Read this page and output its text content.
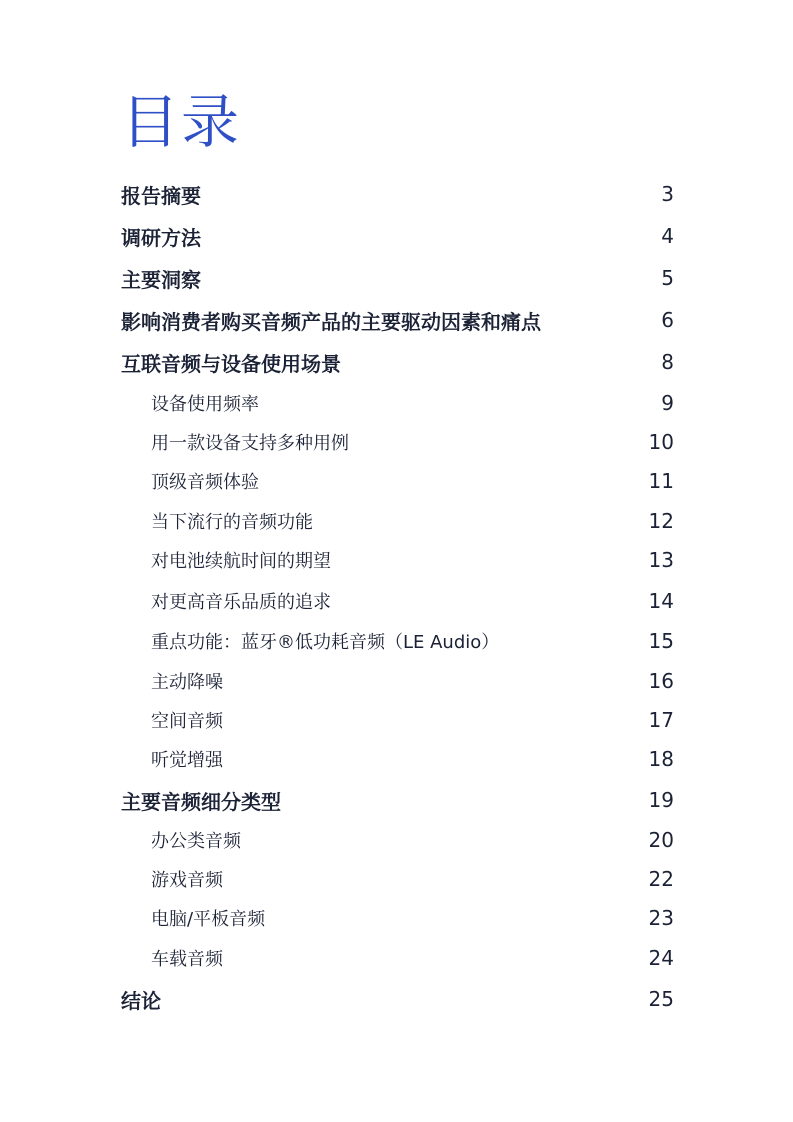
目录
报告摘要	3
调研方法	4
主要洞察	5
影响消费者购买音频产品的主要驱动因素和痛点	6
互联音频与设备使用场景	8
设备使用频率	9
用一款设备支持多种用例	10
顶级音频体验	11
当下流行的音频功能	12
对电池续航时间的期望	13
对更高音乐品质的追求	14
重点功能：蓝牙®低功耗音频（LE Audio）	15
主动降噪	16
空间音频	17
听觉增强	18
主要音频细分类型	19
办公类音频	20
游戏音频	22
电脑/平板音频	23
车载音频	24
结论	25
